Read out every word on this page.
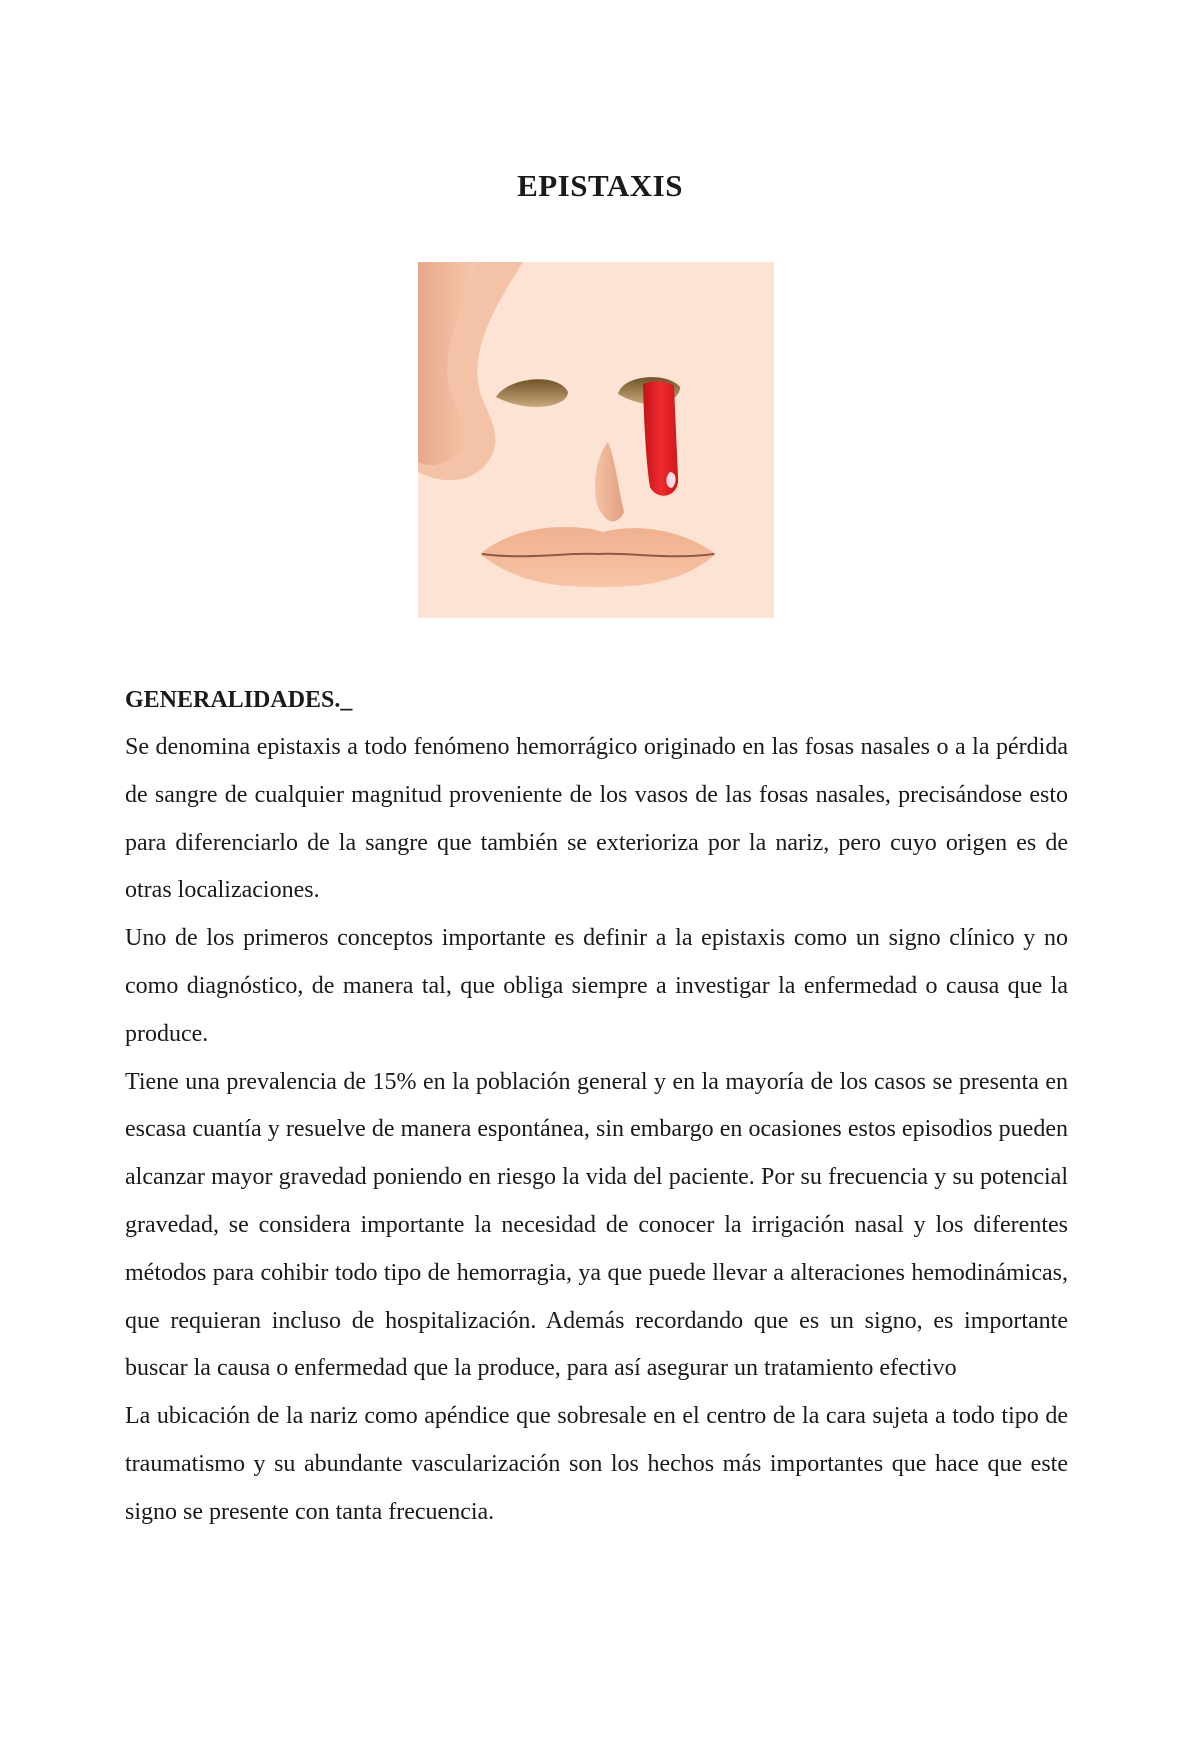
EPISTAXIS
GENERALIDADES._

Se denomina epistaxis a todo fenómeno hemorrágico originado en las fosas nasales o a la pérdida de sangre de cualquier magnitud proveniente de los vasos de las fosas nasales, precisándose esto para diferenciarlo de la sangre que también se exterioriza por la nariz, pero cuyo origen es de otras localizaciones.

Uno de los primeros conceptos importante es definir a la epistaxis como un signo clínico y no como diagnóstico, de manera tal, que obliga siempre a investigar la enfermedad o causa que la produce.

Tiene una prevalencia de 15% en la población general y en la mayoría de los casos se presenta en escasa cuantía y resuelve de manera espontánea, sin embargo en ocasiones estos episodios pueden alcanzar mayor gravedad poniendo en riesgo la vida del paciente. Por su frecuencia y su potencial gravedad, se considera importante la necesidad de conocer la irrigación nasal y los diferentes métodos para cohibir todo tipo de hemorragia, ya que puede llevar a alteraciones hemodinámicas, que requieran incluso de hospitalización. Además recordando que es un signo, es importante buscar la causa o enfermedad que la produce, para así asegurar un tratamiento efectivo

La ubicación de la nariz como apéndice que sobresale en el centro de la cara sujeta a todo tipo de traumatismo y su abundante vascularización son los hechos más importantes que hace que este signo se presente con tanta frecuencia.
